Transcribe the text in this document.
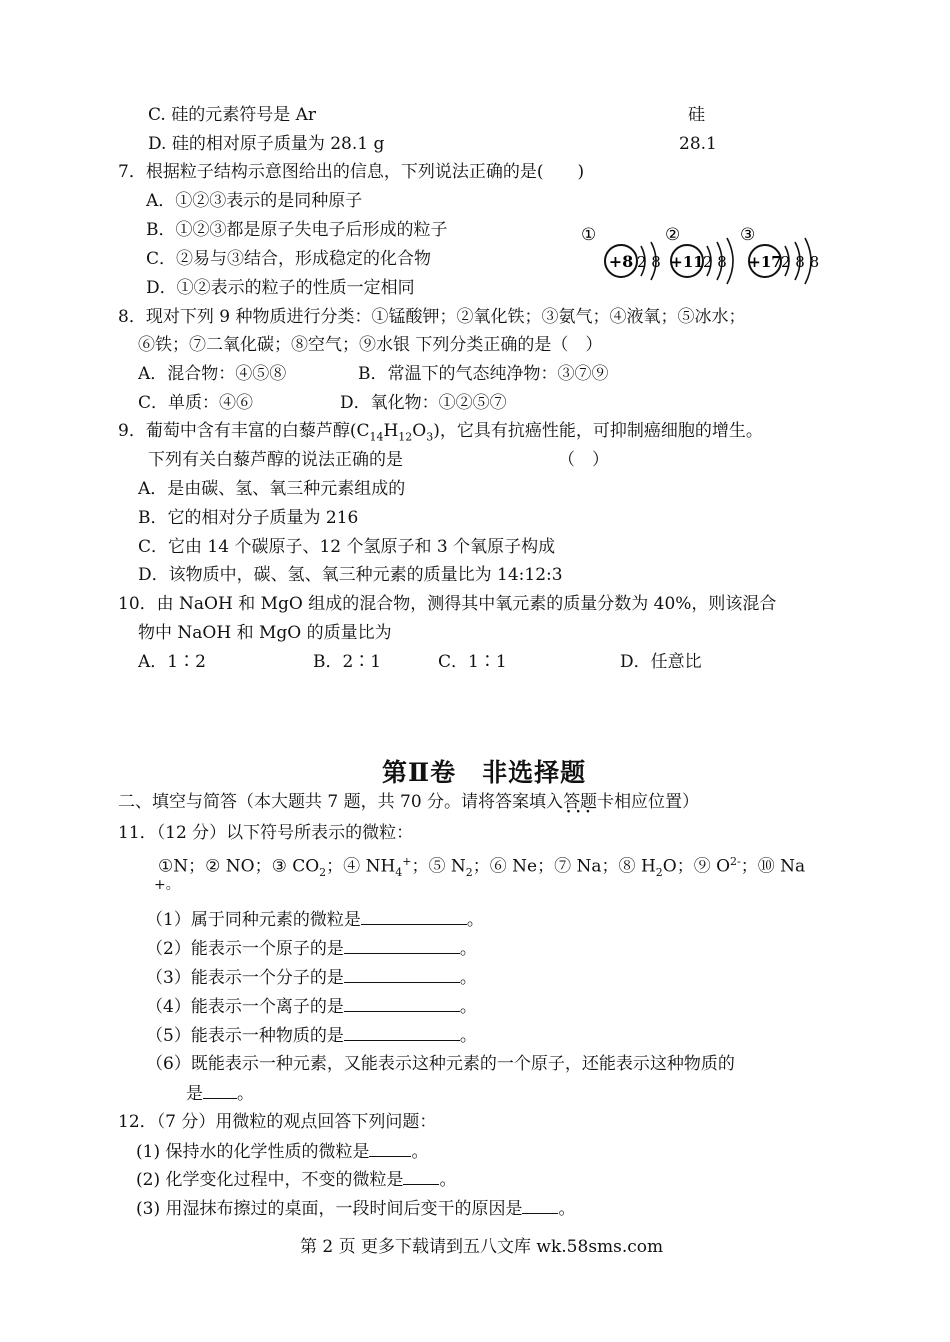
C. 硅的元素符号是 Ar	硅
D. 硅的相对原子质量为 28.1 g	28.1
7．根据粒子结构示意图给出的信息，下列说法正确的是(　　)
A．①②③表示的是同种原子
B．①②③都是原子失电子后形成的粒子
C．②易与③结合，形成稳定的化合物
D．①②表示的粒子的性质一定相同
①
+8 2 8
②
+11 2 8
③
+17 2 8 8
8．现对下列 9 种物质进行分类：①锰酸钾；②氧化铁；③氨气；④液氧；⑤冰水；
⑥铁；⑦二氧化碳；⑧空气；⑨水银 下列分类正确的是（　）
A．混合物：④⑤⑧	B．常温下的气态纯净物：③⑦⑨
C．单质：④⑥	D．氧化物：①②⑤⑦
9．葡萄中含有丰富的白藜芦醇$(C_{14}H_{12}O_3)$，它具有抗癌性能，可抑制癌细胞的增生。
下列有关白藜芦醇的说法正确的是	（　）
A．是由碳、氢、氧三种元素组成的
B．它的相对分子质量为 216
C．它由 14 个碳原子、12 个氢原子和 3 个氧原子构成
D．该物质中，碳、氢、氧三种元素的质量比为 14:12:3
10．由 NaOH 和 MgO 组成的混合物，测得其中氧元素的质量分数为 40%，则该混合
物中 NaOH 和 MgO 的质量比为
A．1∶2	B．2∶1	C．1∶1	D．任意比
第Ⅱ卷　非选择题
二、填空与简答（本大题共 7 题，共 70 分。请将答案填入答题卡 · ·相应位置）
11．（12 分）以下符号所表示的微粒：
①N；② NO；③ $CO_2$；④ $NH_4^+$；⑤ $N_2$；⑥ Ne；⑦ Na；⑧ $H_2O$；⑨ $O^{2-}$；⑩ Na
+。
（1）属于同种元素的微粒是	。
（2）能表示一个原子的是	。
（3）能表示一个分子的是	。
（4）能表示一个离子的是	。
（5）能表示一种物质的是	。
（6）既能表示一种元素，又能表示这种元素的一个原子，还能表示这种物质的
是 。
12．（7 分）用微粒的观点回答下列问题：
(1) 保持水的化学性质的微粒是 。
(2) 化学变化过程中，不变的微粒是 。
(3) 用湿抹布擦过的桌面，一段时间后变干的原因是 。
第 2 页 更多下载请到五八文库 wk.58sms.com
